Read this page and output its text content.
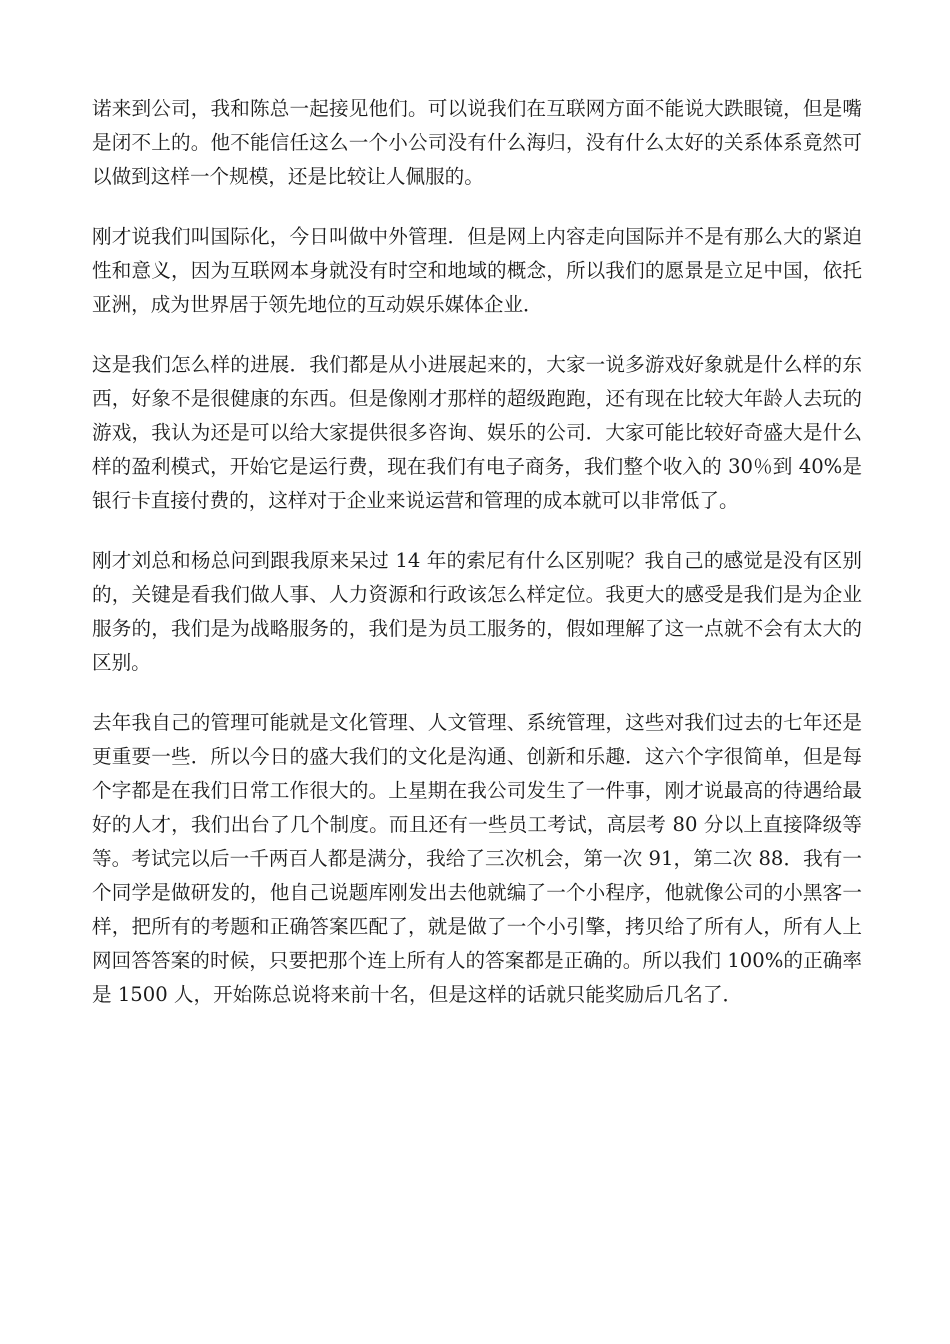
诺来到公司，我和陈总一起接见他们。可以说我们在互联网方面不能说大跌眼镜，但是嘴是闭不上的。他不能信任这么一个小公司没有什么海归，没有什么太好的关系体系竟然可以做到这样一个规模，还是比较让人佩服的。

刚才说我们叫国际化，今日叫做中外管理．但是网上内容走向国际并不是有那么大的紧迫性和意义，因为互联网本身就没有时空和地域的概念，所以我们的愿景是立足中国，依托亚洲，成为世界居于领先地位的互动娱乐媒体企业．

这是我们怎么样的进展．我们都是从小进展起来的，大家一说多游戏好象就是什么样的东西，好象不是很健康的东西。但是像刚才那样的超级跑跑，还有现在比较大年龄人去玩的游戏，我认为还是可以给大家提供很多咨询、娱乐的公司．大家可能比较好奇盛大是什么样的盈利模式，开始它是运行费，现在我们有电子商务，我们整个收入的 30％到 40%是银行卡直接付费的，这样对于企业来说运营和管理的成本就可以非常低了。

刚才刘总和杨总问到跟我原来呆过 14 年的索尼有什么区别呢？我自己的感觉是没有区别的，关键是看我们做人事、人力资源和行政该怎么样定位。我更大的感受是我们是为企业服务的，我们是为战略服务的，我们是为员工服务的，假如理解了这一点就不会有太大的区别。

去年我自己的管理可能就是文化管理、人文管理、系统管理，这些对我们过去的七年还是更重要一些．所以今日的盛大我们的文化是沟通、创新和乐趣．这六个字很简单，但是每个字都是在我们日常工作很大的。上星期在我公司发生了一件事，刚才说最高的待遇给最好的人才，我们出台了几个制度。而且还有一些员工考试，高层考 80 分以上直接降级等等。考试完以后一千两百人都是满分，我给了三次机会，第一次 91，第二次 88．我有一个同学是做研发的，他自己说题库刚发出去他就编了一个小程序，他就像公司的小黑客一样，把所有的考题和正确答案匹配了，就是做了一个小引擎，拷贝给了所有人，所有人上网回答答案的时候，只要把那个连上所有人的答案都是正确的。所以我们 100%的正确率是 1500 人，开始陈总说将来前十名，但是这样的话就只能奖励后几名了．
